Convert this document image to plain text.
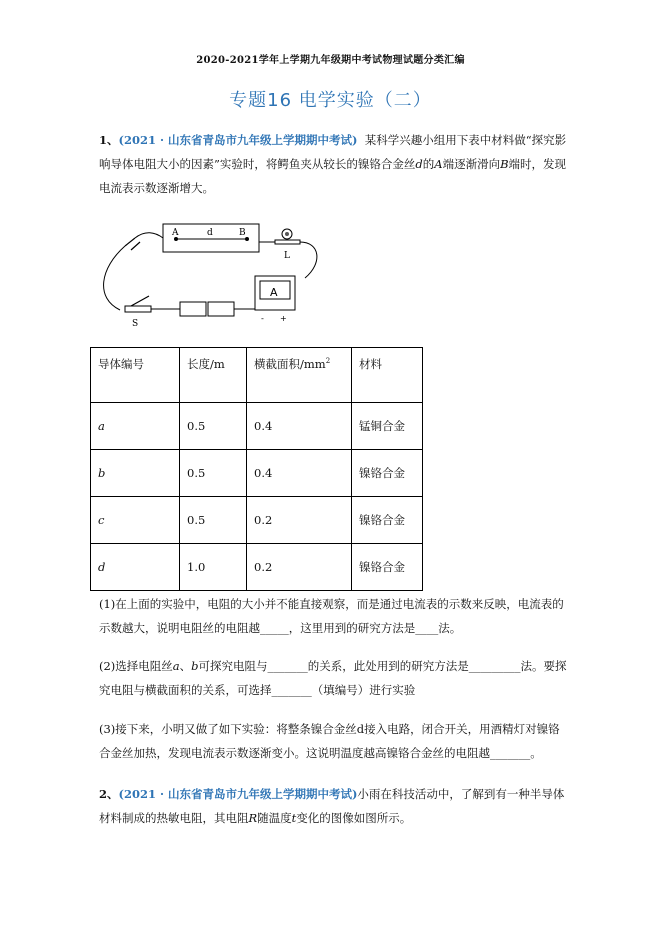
2020-2021学年上学期九年级期中考试物理试题分类汇编
专题16 电学实验（二）
1、(2021 · 山东省青岛市九年级上学期期中考试) 某科学兴趣小组用下表中材料做“探究影响导体电阻大小的因素”实验时，将鳄鱼夹从较长的镍铬合金丝d的A端逐渐滑向B端时，发现电流表示数逐渐增大。
A	d	B
L
A
- +
S
导体编号	长度/m	横截面积$/mm^2$	材料
a	0.5	0.4	锰铜合金
b	0.5	0.4	镍铬合金
c	0.5	0.2	镍铬合金
d	1.0	0.2	镍铬合金
(1)在上面的实验中，电阻的大小并不能直接观察，而是通过电流表的示数来反映，电流表的示数越大，说明电阻丝的电阻越_____，这里用到的研究方法是____法。
(2)选择电阻丝a、b可探究电阻与_______的关系，此处用到的研究方法是_________法。要探究电阻与横截面积的关系，可选择_______（填编号）进行实验
(3)接下来，小明又做了如下实验：将整条镍合金丝d接入电路，闭合开关，用酒精灯对镍铬合金丝加热，发现电流表示数逐渐变小。这说明温度越高镍铬合金丝的电阻越_______。
2、(2021 · 山东省青岛市九年级上学期期中考试)小雨在科技活动中，了解到有一种半导体材料制成的热敏电阻，其电阻R随温度t变化的图像如图所示。
